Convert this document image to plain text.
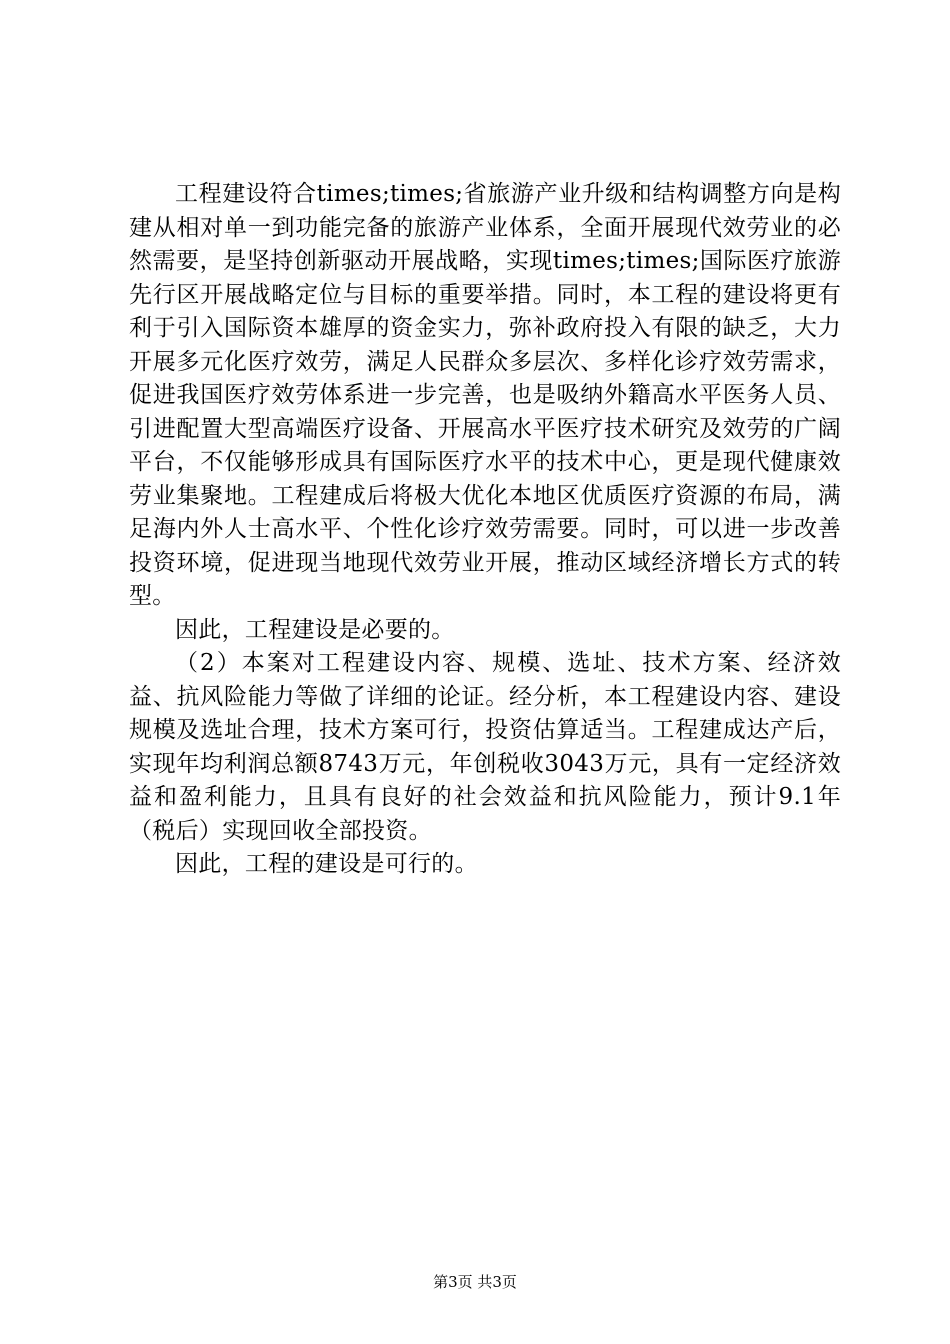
工程建设符合times;times;省旅游产业升级和结构调整方向是构建从相对单一到功能完备的旅游产业体系，全面开展现代效劳业的必然需要，是坚持创新驱动开展战略，实现times;times;国际医疗旅游先行区开展战略定位与目标的重要举措。同时，本工程的建设将更有利于引入国际资本雄厚的资金实力，弥补政府投入有限的缺乏，大力开展多元化医疗效劳，满足人民群众多层次、多样化诊疗效劳需求，促进我国医疗效劳体系进一步完善，也是吸纳外籍高水平医务人员、引进配置大型高端医疗设备、开展高水平医疗技术研究及效劳的广阔平台，不仅能够形成具有国际医疗水平的技术中心，更是现代健康效劳业集聚地。工程建成后将极大优化本地区优质医疗资源的布局，满足海内外人士高水平、个性化诊疗效劳需要。同时，可以进一步改善投资环境，促进现当地现代效劳业开展，推动区域经济增长方式的转型。

因此，工程建设是必要的。

（2）本案对工程建设内容、规模、选址、技术方案、经济效益、抗风险能力等做了详细的论证。经分析，本工程建设内容、建设规模及选址合理，技术方案可行，投资估算适当。工程建成达产后，实现年均利润总额8743万元，年创税收3043万元，具有一定经济效益和盈利能力，且具有良好的社会效益和抗风险能力，预计9.1年（税后）实现回收全部投资。

因此，工程的建设是可行的。

第3页 共3页
